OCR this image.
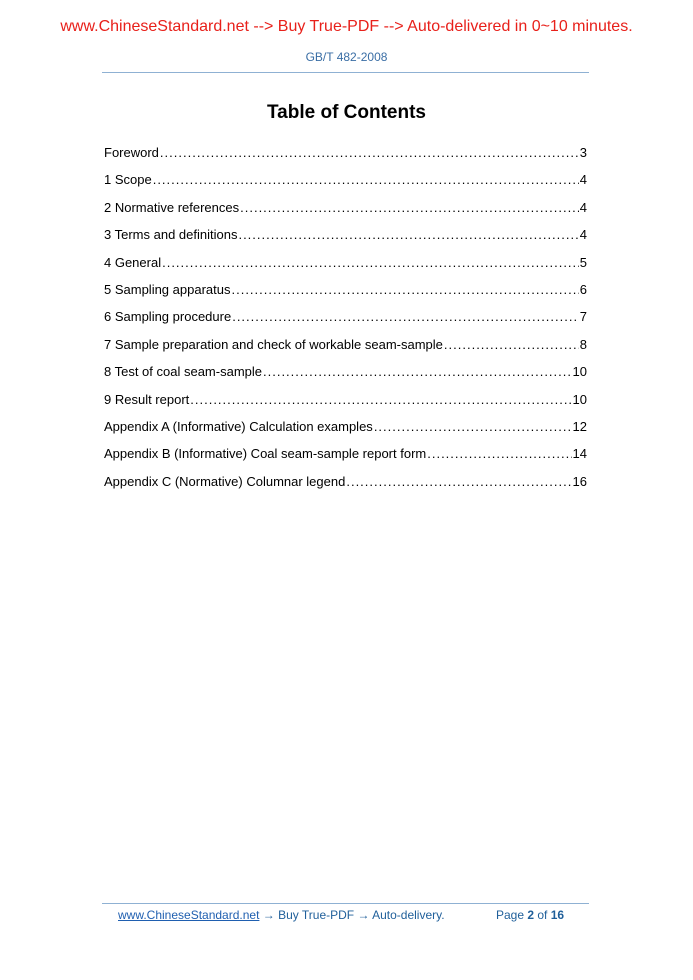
www.ChineseStandard.net --> Buy True-PDF --> Auto-delivered in 0~10 minutes.
GB/T 482-2008
Table of Contents
Foreword .....	3
1 Scope .....	4
2 Normative references .....	4
3 Terms and definitions .....	4
4 General .....	5
5 Sampling apparatus .....	6
6 Sampling procedure .....	7
7 Sample preparation and check of workable seam-sample .....	8
8 Test of coal seam-sample .....	10
9 Result report .....	10
Appendix A (Informative) Calculation examples .....	12
Appendix B (Informative) Coal seam-sample report form .....	14
Appendix C (Normative) Columnar legend .....	16
www.ChineseStandard.net → Buy True-PDF → Auto-delivery.	Page 2 of 16
